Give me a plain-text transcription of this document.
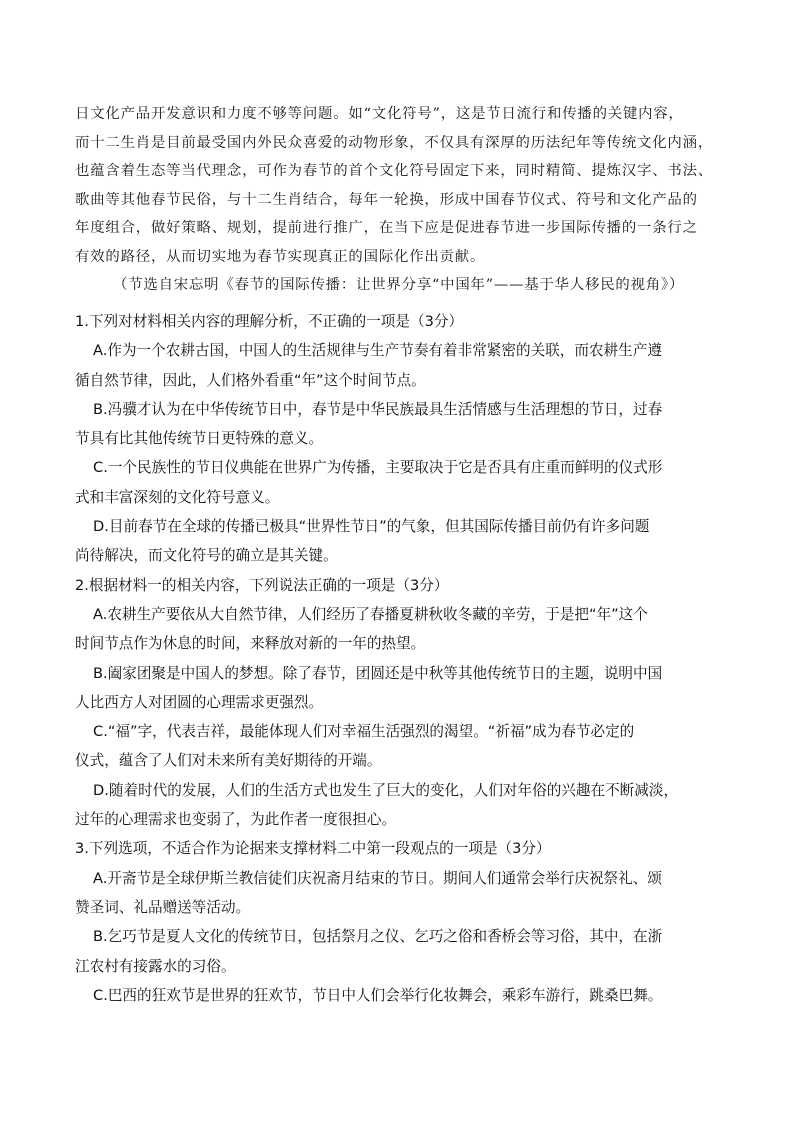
日文化产品开发意识和力度不够等问题。如“文化符号”，这是节日流行和传播的关键内容，

而十二生肖是目前最受国内外民众喜爱的动物形象，不仅具有深厚的历法纪年等传统文化内涵，

也蕴含着生态等当代理念，可作为春节的首个文化符号固定下来，同时精简、提炼汉字、书法、

歌曲等其他春节民俗，与十二生肖结合，每年一轮换，形成中国春节仪式、符号和文化产品的

年度组合，做好策略、规划，提前进行推广，在当下应是促进春节进一步国际传播的一条行之

有效的路径，从而切实地为春节实现真正的国际化作出贡献。

（节选自宋忘明《春节的国际传播：让世界分享“中国年”——基于华人移民的视角》）

1.下列对材料相关内容的理解分析，不正确的一项是（3分）

A.作为一个农耕古国，中国人的生活规律与生产节奏有着非常紧密的关联，而农耕生产遵

循自然节律，因此，人们格外看重“年”这个时间节点。

B.冯骥才认为在中华传统节日中，春节是中华民族最具生活情感与生活理想的节日，过春

节具有比其他传统节日更特殊的意义。

C.一个民族性的节日仪典能在世界广为传播，主要取决于它是否具有庄重而鲜明的仪式形

式和丰富深刻的文化符号意义。

D.目前春节在全球的传播已极具“世界性节日”的气象，但其国际传播目前仍有许多问题

尚待解决，而文化符号的确立是其关键。

2.根据材料一的相关内容，下列说法正确的一项是（3分）

A.农耕生产要依从大自然节律，人们经历了春播夏耕秋收冬藏的辛劳，于是把“年”这个

时间节点作为休息的时间，来释放对新的一年的热望。

B.阖家团聚是中国人的梦想。除了春节，团圆还是中秋等其他传统节日的主题，说明中国

人比西方人对团圆的心理需求更强烈。

C.“福”字，代表吉祥，最能体现人们对幸福生活强烈的渴望。“祈福”成为春节必定的

仪式，蕴含了人们对未来所有美好期待的开端。

D.随着时代的发展，人们的生活方式也发生了巨大的变化，人们对年俗的兴趣在不断减淡，

过年的心理需求也变弱了，为此作者一度很担心。

3.下列选项，不适合作为论据来支撑材料二中第一段观点的一项是（3分）

A.开斋节是全球伊斯兰教信徒们庆祝斋月结束的节日。期间人们通常会举行庆祝祭礼、颂

赞圣词、礼品赠送等活动。

B.乞巧节是夏人文化的传统节日，包括祭月之仪、乞巧之俗和香桥会等习俗，其中，在浙

江农村有接露水的习俗。

C.巴西的狂欢节是世界的狂欢节，节日中人们会举行化妆舞会，乘彩车游行，跳桑巴舞。
